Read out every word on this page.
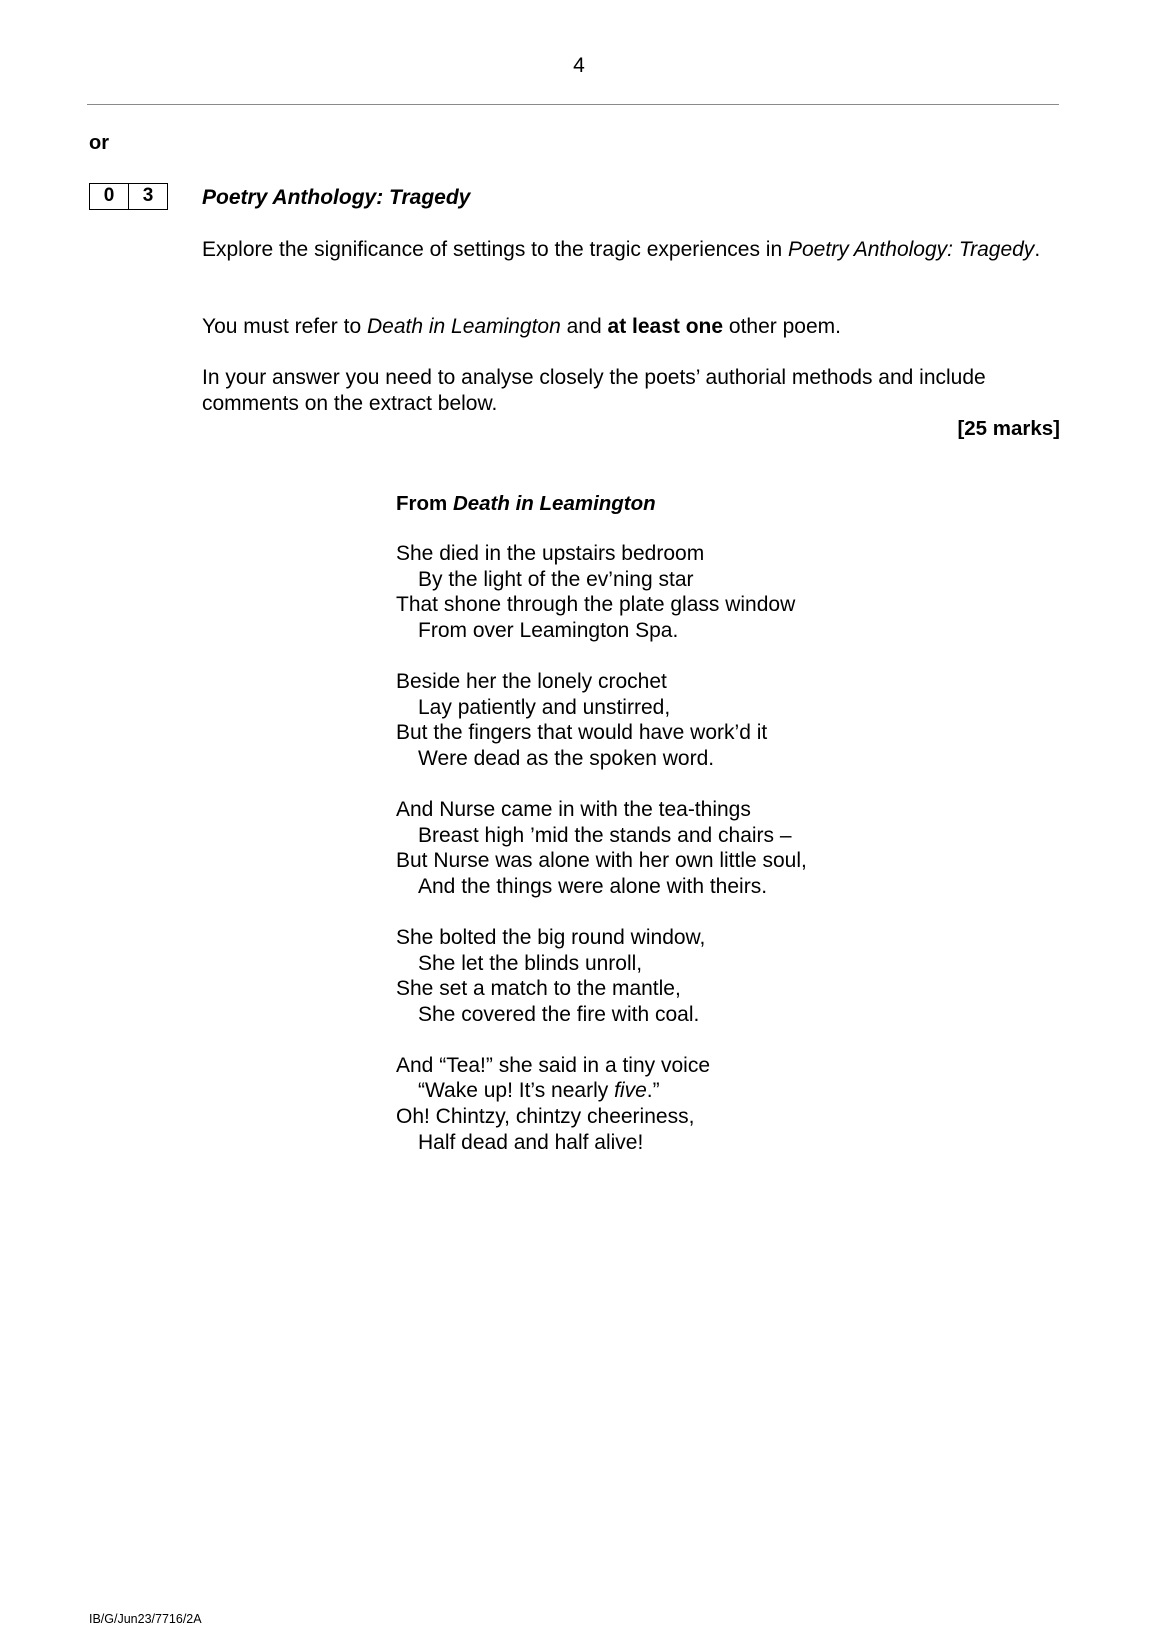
4
or
0	3	Poetry Anthology: Tragedy

Explore the significance of settings to the tragic experiences in Poetry Anthology: Tragedy.

You must refer to Death in Leamington and at least one other poem.

In your answer you need to analyse closely the poets’ authorial methods and include comments on the extract below.

[25 marks]
From Death in Leamington
She died in the upstairs bedroom
By the light of the ev’ning star
That shone through the plate glass window
From over Leamington Spa.
Beside her the lonely crochet
Lay patiently and unstirred,
But the fingers that would have work’d it
Were dead as the spoken word.
And Nurse came in with the tea-things
Breast high ’mid the stands and chairs –
But Nurse was alone with her own little soul,
And the things were alone with theirs.
She bolted the big round window,
She let the blinds unroll,
She set a match to the mantle,
She covered the fire with coal.
And “Tea!” she said in a tiny voice
“Wake up! It’s nearly five.”
Oh! Chintzy, chintzy cheeriness,
Half dead and half alive!
IB/G/Jun23/7716/2A
